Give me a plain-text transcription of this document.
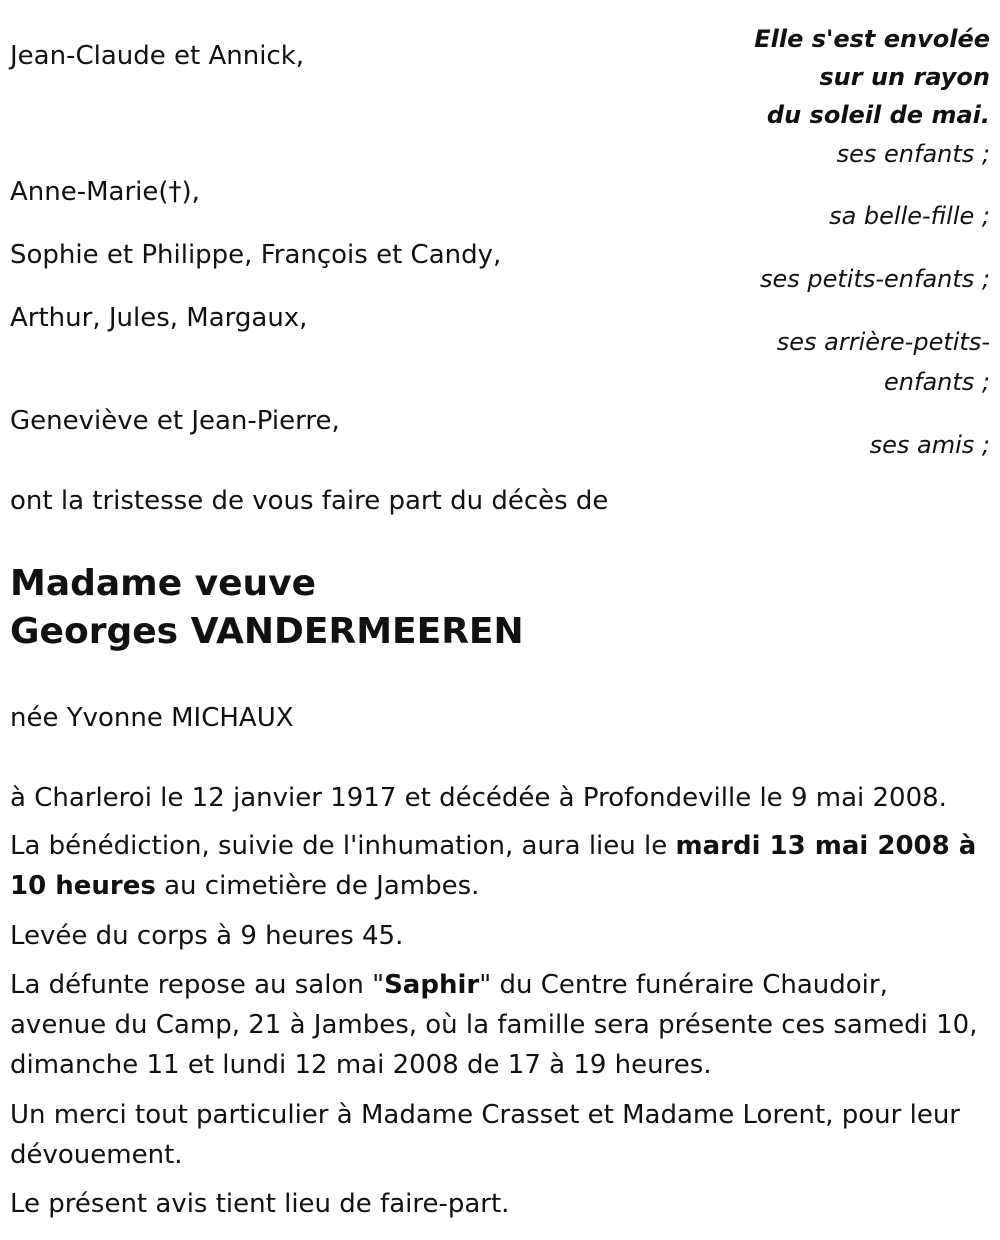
Elle s'est envolée
sur un rayon
du soleil de mai.

Jean-Claude et Annick,

ses enfants ;

Anne-Marie(†),

sa belle-fille ;

Sophie et Philippe, François et Candy,

ses petits-enfants ;

Arthur, Jules, Margaux,

ses arrière-petits-

enfants ;

Geneviève et Jean-Pierre,

ses amis ;

ont la tristesse de vous faire part du décès de

Madame veuve
Georges VANDERMEEREN

née Yvonne MICHAUX

à Charleroi le 12 janvier 1917 et décédée à Profondeville le 9 mai 2008.

La bénédiction, suivie de l'inhumation, aura lieu le mardi 13 mai 2008 à 10 heures au cimetière de Jambes.

Levée du corps à 9 heures 45.

La défunte repose au salon "Saphir" du Centre funéraire Chaudoir, avenue du Camp, 21 à Jambes, où la famille sera présente ces samedi 10, dimanche 11 et lundi 12 mai 2008 de 17 à 19 heures.

Un merci tout particulier à Madame Crasset et Madame Lorent, pour leur dévouement.

Le présent avis tient lieu de faire-part.
